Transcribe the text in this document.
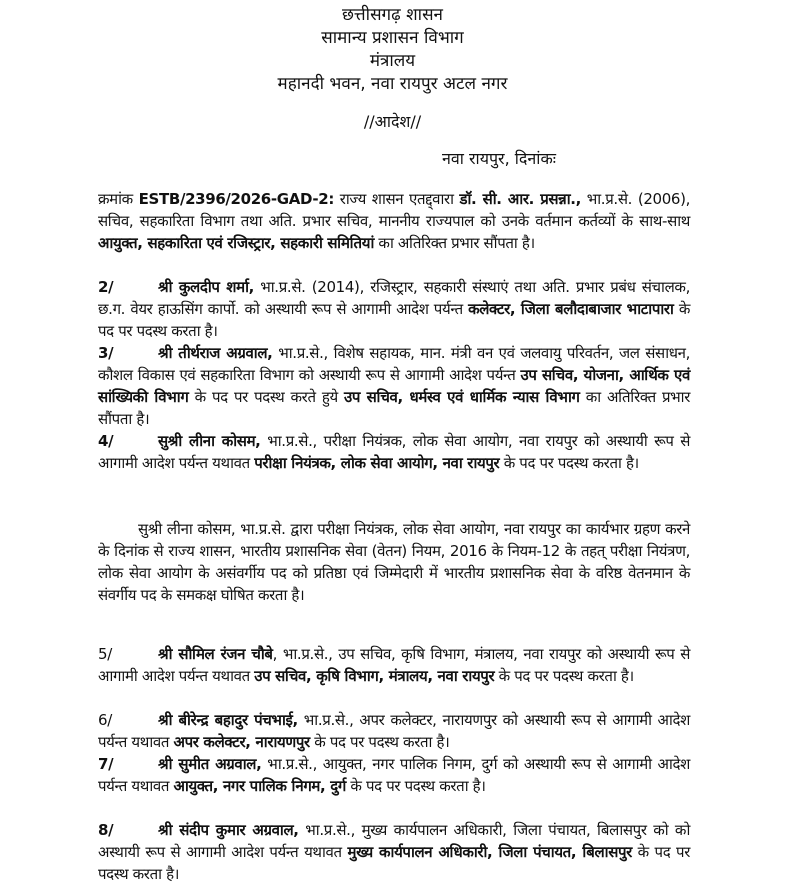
छत्तीसगढ़ शासन
सामान्य प्रशासन विभाग
मंत्रालय
महानदी भवन, नवा रायपुर अटल नगर
//आदेश//
नवा रायपुर, दिनांकः
क्रमांक ESTB/2396/2026-GAD-2: राज्य शासन एतद्द्वारा डॉ. सी. आर. प्रसन्ना., भा.प्र.से. (2006), सचिव, सहकारिता विभाग तथा अति. प्रभार सचिव, माननीय राज्यपाल को उनके वर्तमान कर्तव्यों के साथ-साथ आयुक्त, सहकारिता एवं रजिस्ट्रार, सहकारी समितियां का अतिरिक्त प्रभार सौंपता है।
2/	श्री कुलदीप शर्मा, भा.प्र.से. (2014), रजिस्ट्रार, सहकारी संस्थाएं तथा अति. प्रभार प्रबंध संचालक, छ.ग. वेयर हाऊसिंग कार्पो. को अस्थायी रूप से आगामी आदेश पर्यन्त कलेक्टर, जिला बलौदाबाजार भाटापारा के पद पर पदस्थ करता है।
3/	श्री तीर्थराज अग्रवाल, भा.प्र.से., विशेष सहायक, मान. मंत्री वन एवं जलवायु परिवर्तन, जल संसाधन, कौशल विकास एवं सहकारिता विभाग को अस्थायी रूप से आगामी आदेश पर्यन्त उप सचिव, योजना, आर्थिक एवं सांख्यिकी विभाग के पद पर पदस्थ करते हुये उप सचिव, धर्मस्व एवं धार्मिक न्यास विभाग का अतिरिक्त प्रभार सौंपता है।
4/	सुश्री लीना कोसम, भा.प्र.से., परीक्षा नियंत्रक, लोक सेवा आयोग, नवा रायपुर को अस्थायी रूप से आगामी आदेश पर्यन्त यथावत परीक्षा नियंत्रक, लोक सेवा आयोग, नवा रायपुर के पद पर पदस्थ करता है।
सुश्री लीना कोसम, भा.प्र.से. द्वारा परीक्षा नियंत्रक, लोक सेवा आयोग, नवा रायपुर का कार्यभार ग्रहण करने के दिनांक से राज्य शासन, भारतीय प्रशासनिक सेवा (वेतन) नियम, 2016 के नियम-12 के तहत् परीक्षा नियंत्रण, लोक सेवा आयोग के असंवर्गीय पद को प्रतिष्ठा एवं जिम्मेदारी में भारतीय प्रशासनिक सेवा के वरिष्ठ वेतनमान के संवर्गीय पद के समकक्ष घोषित करता है।
5/	श्री सौमिल रंजन चौबे, भा.प्र.से., उप सचिव, कृषि विभाग, मंत्रालय, नवा रायपुर को अस्थायी रूप से आगामी आदेश पर्यन्त यथावत उप सचिव, कृषि विभाग, मंत्रालय, नवा रायपुर के पद पर पदस्थ करता है।
6/	श्री बीरेन्द्र बहादुर पंचभाई, भा.प्र.से., अपर कलेक्टर, नारायणपुर को अस्थायी रूप से आगामी आदेश पर्यन्त यथावत अपर कलेक्टर, नारायणपुर के पद पर पदस्थ करता है।
7/	श्री सुमीत अग्रवाल, भा.प्र.से., आयुक्त, नगर पालिक निगम, दुर्ग को अस्थायी रूप से आगामी आदेश पर्यन्त यथावत आयुक्त, नगर पालिक निगम, दुर्ग के पद पर पदस्थ करता है।
8/	श्री संदीप कुमार अग्रवाल, भा.प्र.से., मुख्य कार्यपालन अधिकारी, जिला पंचायत, बिलासपुर को को अस्थायी रूप से आगामी आदेश पर्यन्त यथावत मुख्य कार्यपालन अधिकारी, जिला पंचायत, बिलासपुर के पद पर पदस्थ करता है।
